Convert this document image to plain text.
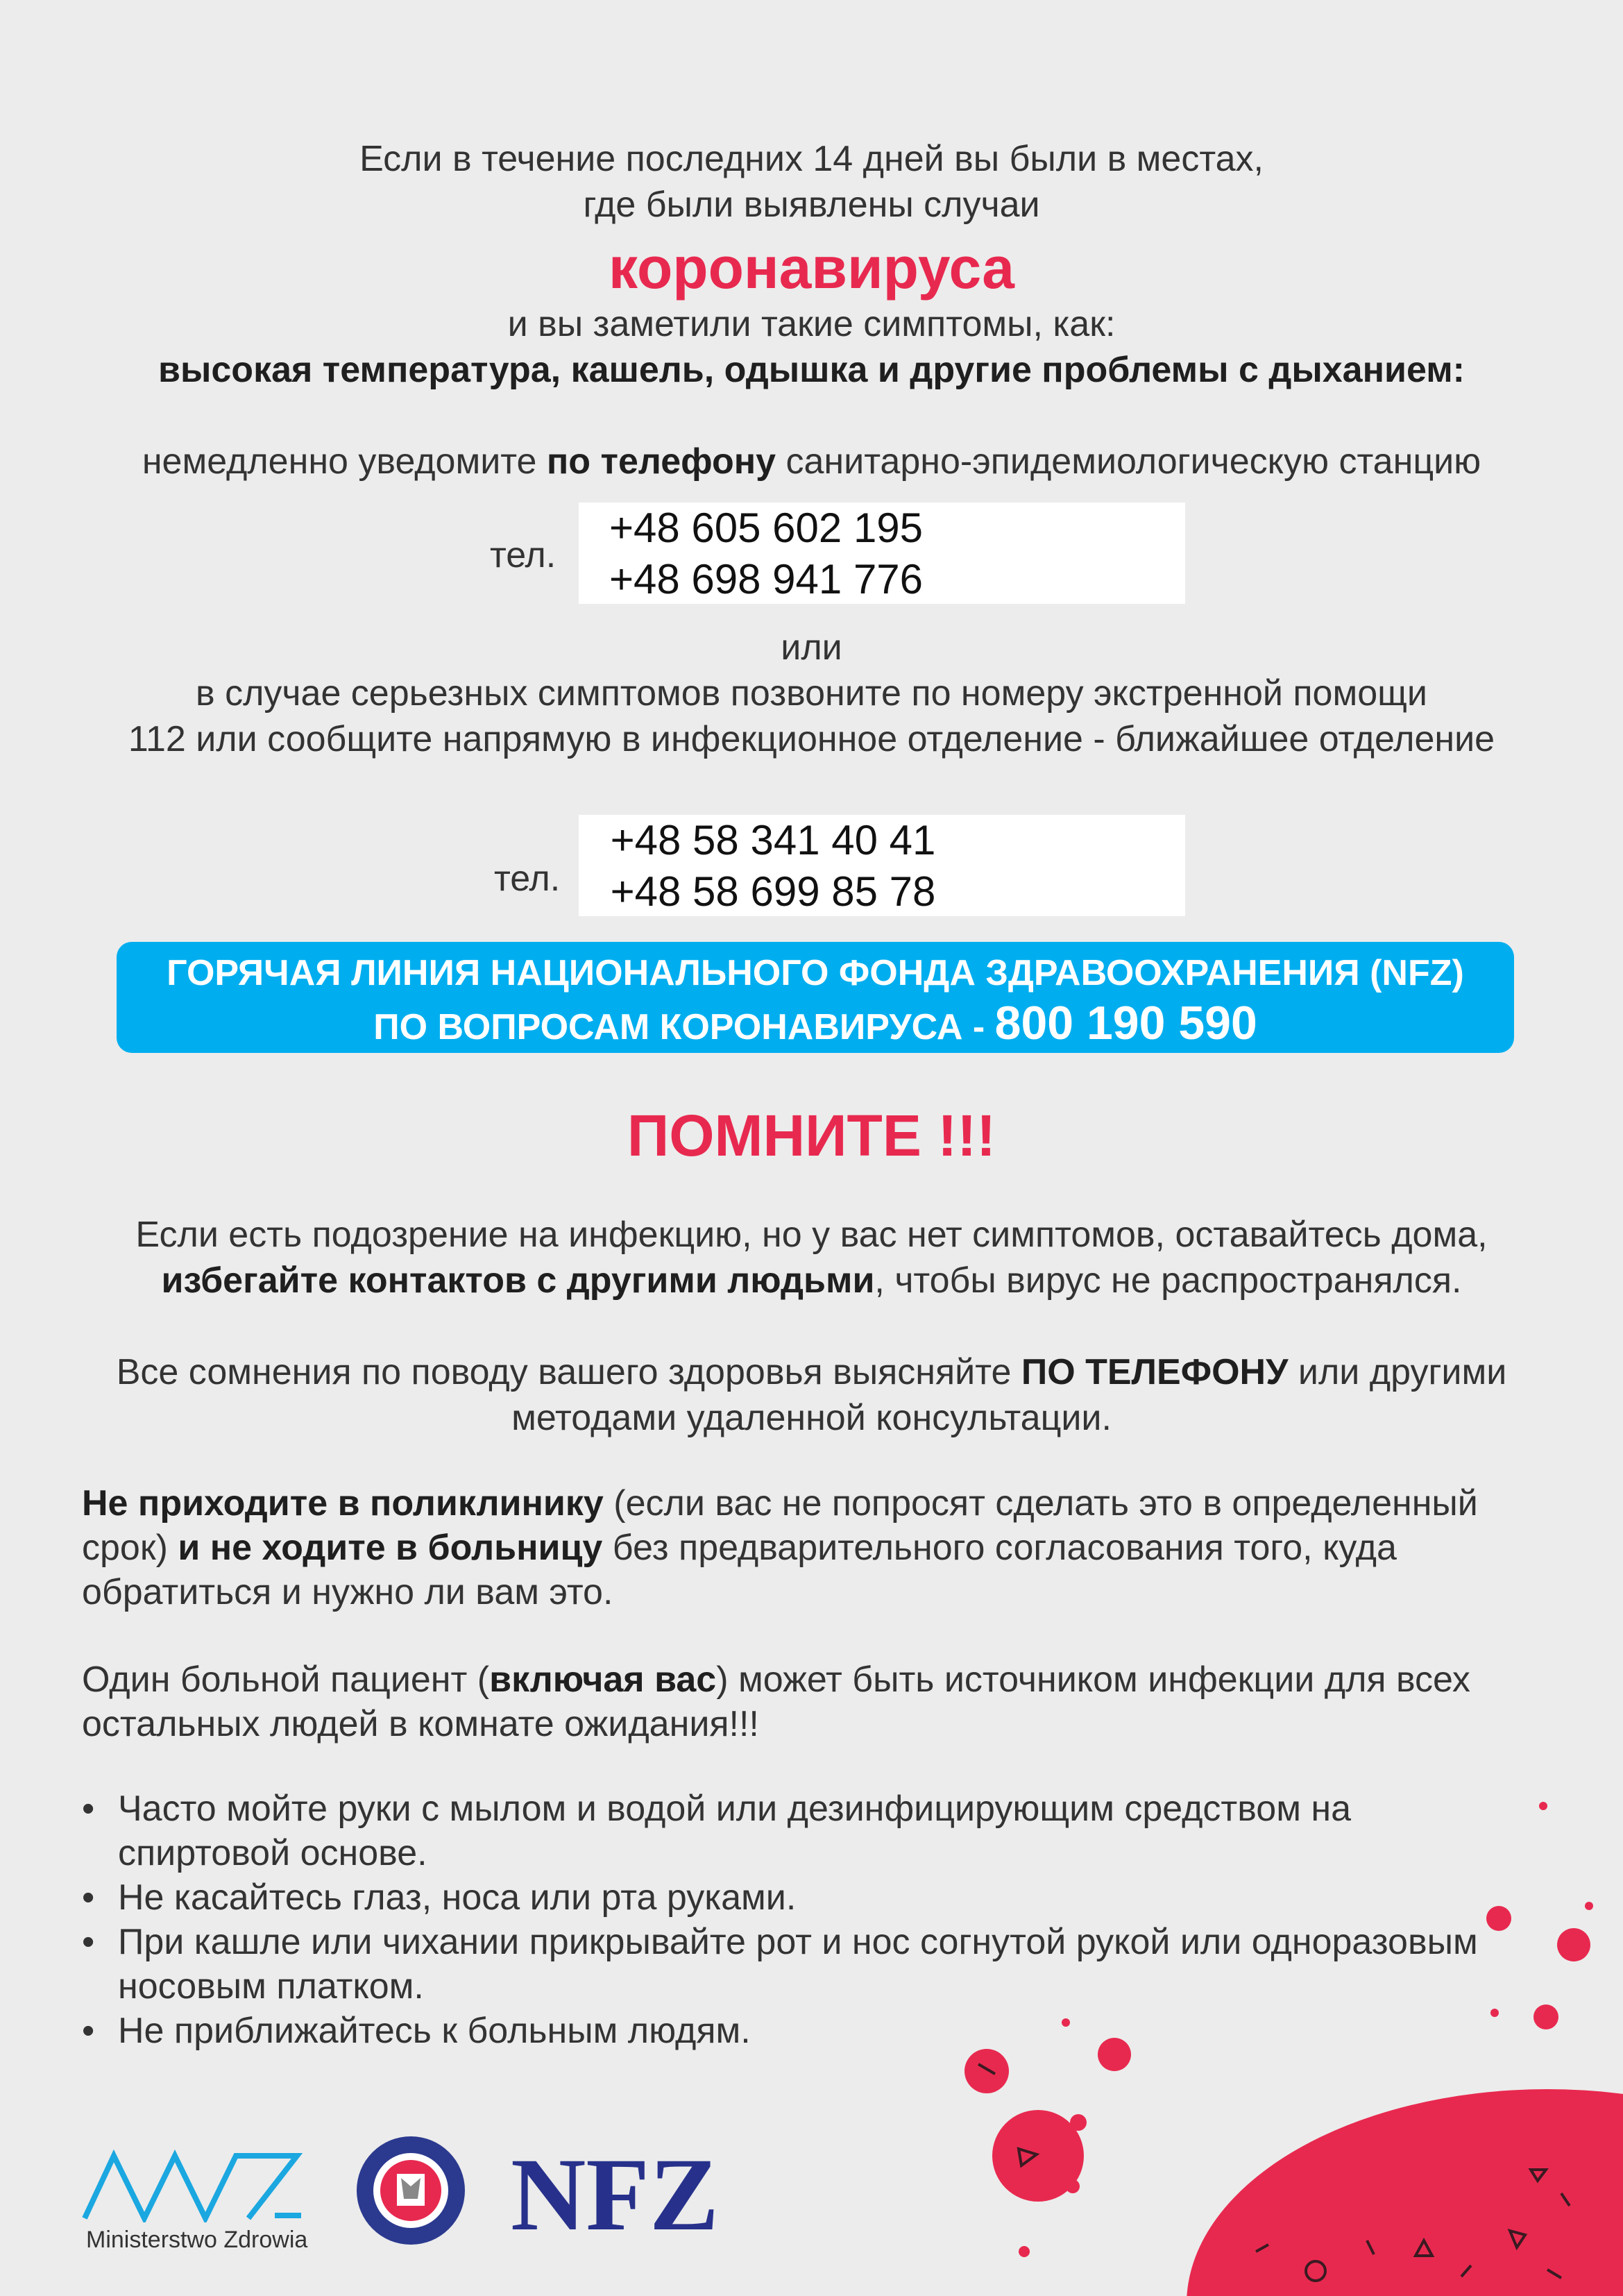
Если в течение последних 14 дней вы были в местах,
где были выявлены случаи
коронавируса
и вы заметили такие симптомы, как:
высокая температура, кашель, одышка и другие проблемы с дыханием:
немедленно уведомите по телефону санитарно-эпидемиологическую станцию
тел.
+48 605 602 195
+48 698 941 776
или
в случае серьезных симптомов позвоните по номеру экстренной помощи
112 или сообщите напрямую в инфекционное отделение - ближайшее отделение
тел.
+48 58 341 40 41
+48 58 699 85 78
ГОРЯЧАЯ ЛИНИЯ НАЦИОНАЛЬНОГО ФОНДА ЗДРАВООХРАНЕНИЯ (NFZ)
ПО ВОПРОСАМ КОРОНАВИРУСА - 800 190 590
ПОМНИТЕ !!!
Если есть подозрение на инфекцию, но у вас нет симптомов, оставайтесь дома,
избегайте контактов с другими людьми, чтобы вирус не распространялся.
Все сомнения по поводу вашего здоровья выясняйте ПО ТЕЛЕФОНУ или другими
методами удаленной консультации.
Не приходите в поликлинику (если вас не попросят сделать это в определенный
срок) и не ходите в больницу без предварительного согласования того, куда
обратиться и нужно ли вам это.
Один больной пациент (включая вас) может быть источником инфекции для всех
остальных людей в комнате ожидания!!!
• Часто мойте руки с мылом и водой или дезинфицирующим средством на
спиртовой основе.
• Не касайтесь глаз, носа или рта руками.
• При кашле или чихании прикрывайте рот и нос согнутой рукой или одноразовым
носовым платком.
• Не приближайтесь к больным людям.
Ministerstwo Zdrowia NFZ
